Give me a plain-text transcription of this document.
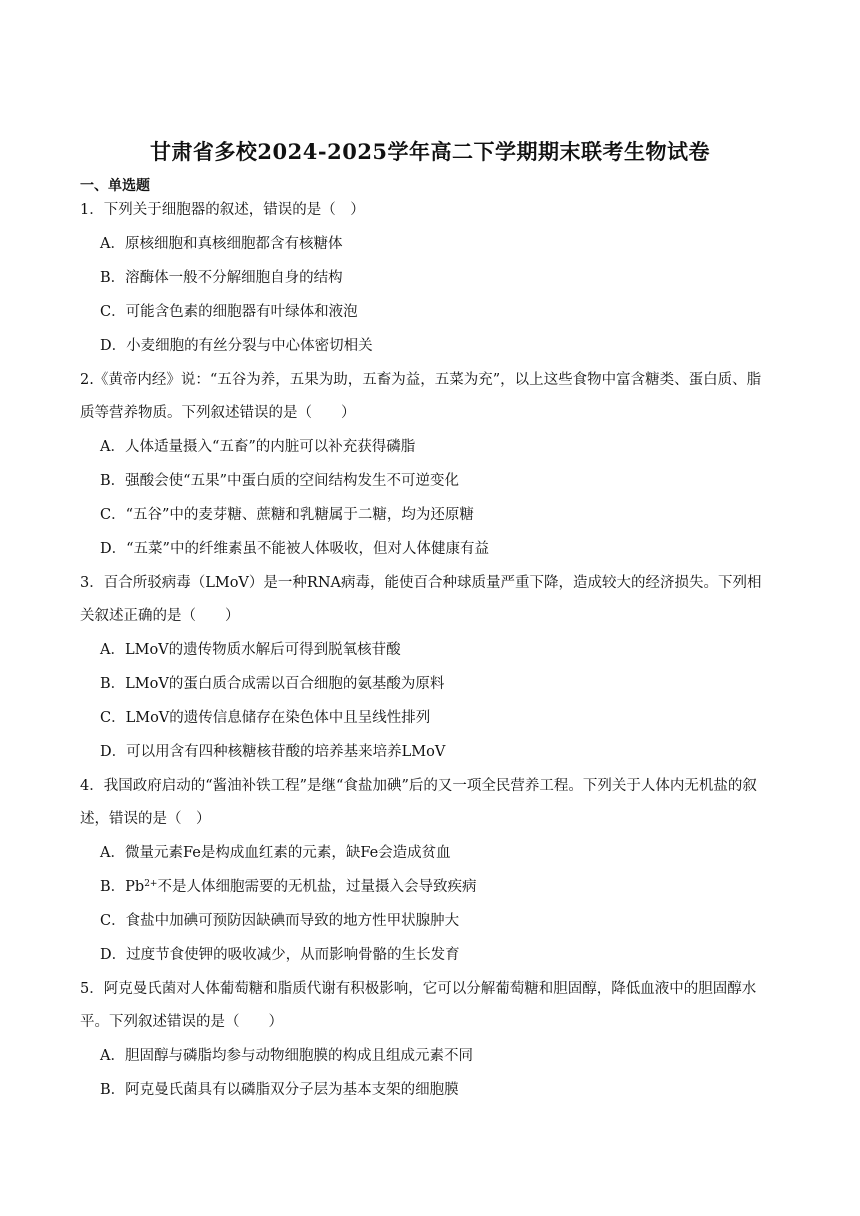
甘肃省多校2024-2025学年高二下学期期末联考生物试卷
一、单选题
1．下列关于细胞器的叙述，错误的是（　）
A．原核细胞和真核细胞都含有核糖体
B．溶酶体一般不分解细胞自身的结构
C．可能含色素的细胞器有叶绿体和液泡
D．小麦细胞的有丝分裂与中心体密切相关
2.《黄帝内经》说：“五谷为养，五果为助，五畜为益，五菜为充”，以上这些食物中富含糖类、蛋白质、脂
质等营养物质。下列叙述错误的是（　　）
A．人体适量摄入“五畜”的内脏可以补充获得磷脂
B．强酸会使“五果”中蛋白质的空间结构发生不可逆变化
C．“五谷”中的麦芽糖、蔗糖和乳糖属于二糖，均为还原糖
D．“五菜”中的纤维素虽不能被人体吸收，但对人体健康有益
3．百合所驳病毒（LMoV）是一种RNA病毒，能使百合种球质量严重下降，造成较大的经济损失。下列相
关叙述正确的是（　　）
A．LMoV的遗传物质水解后可得到脱氧核苷酸
B．LMoV的蛋白质合成需以百合细胞的氨基酸为原料
C．LMoV的遗传信息储存在染色体中且呈线性排列
D．可以用含有四种核糖核苷酸的培养基来培养LMoV
4．我国政府启动的“酱油补铁工程”是继“食盐加碘”后的又一项全民营养工程。下列关于人体内无机盐的叙
述，错误的是（　）
A．微量元素Fe是构成血红素的元素，缺Fe会造成贫血
B．$Pb^{2+}$不是人体细胞需要的无机盐，过量摄入会导致疾病
C．食盐中加碘可预防因缺碘而导致的地方性甲状腺肿大
D．过度节食使钾的吸收减少，从而影响骨骼的生长发育
5．阿克曼氏菌对人体葡萄糖和脂质代谢有积极影响，它可以分解葡萄糖和胆固醇，降低血液中的胆固醇水
平。下列叙述错误的是（　　）
A．胆固醇与磷脂均参与动物细胞膜的构成且组成元素不同
B．阿克曼氏菌具有以磷脂双分子层为基本支架的细胞膜
